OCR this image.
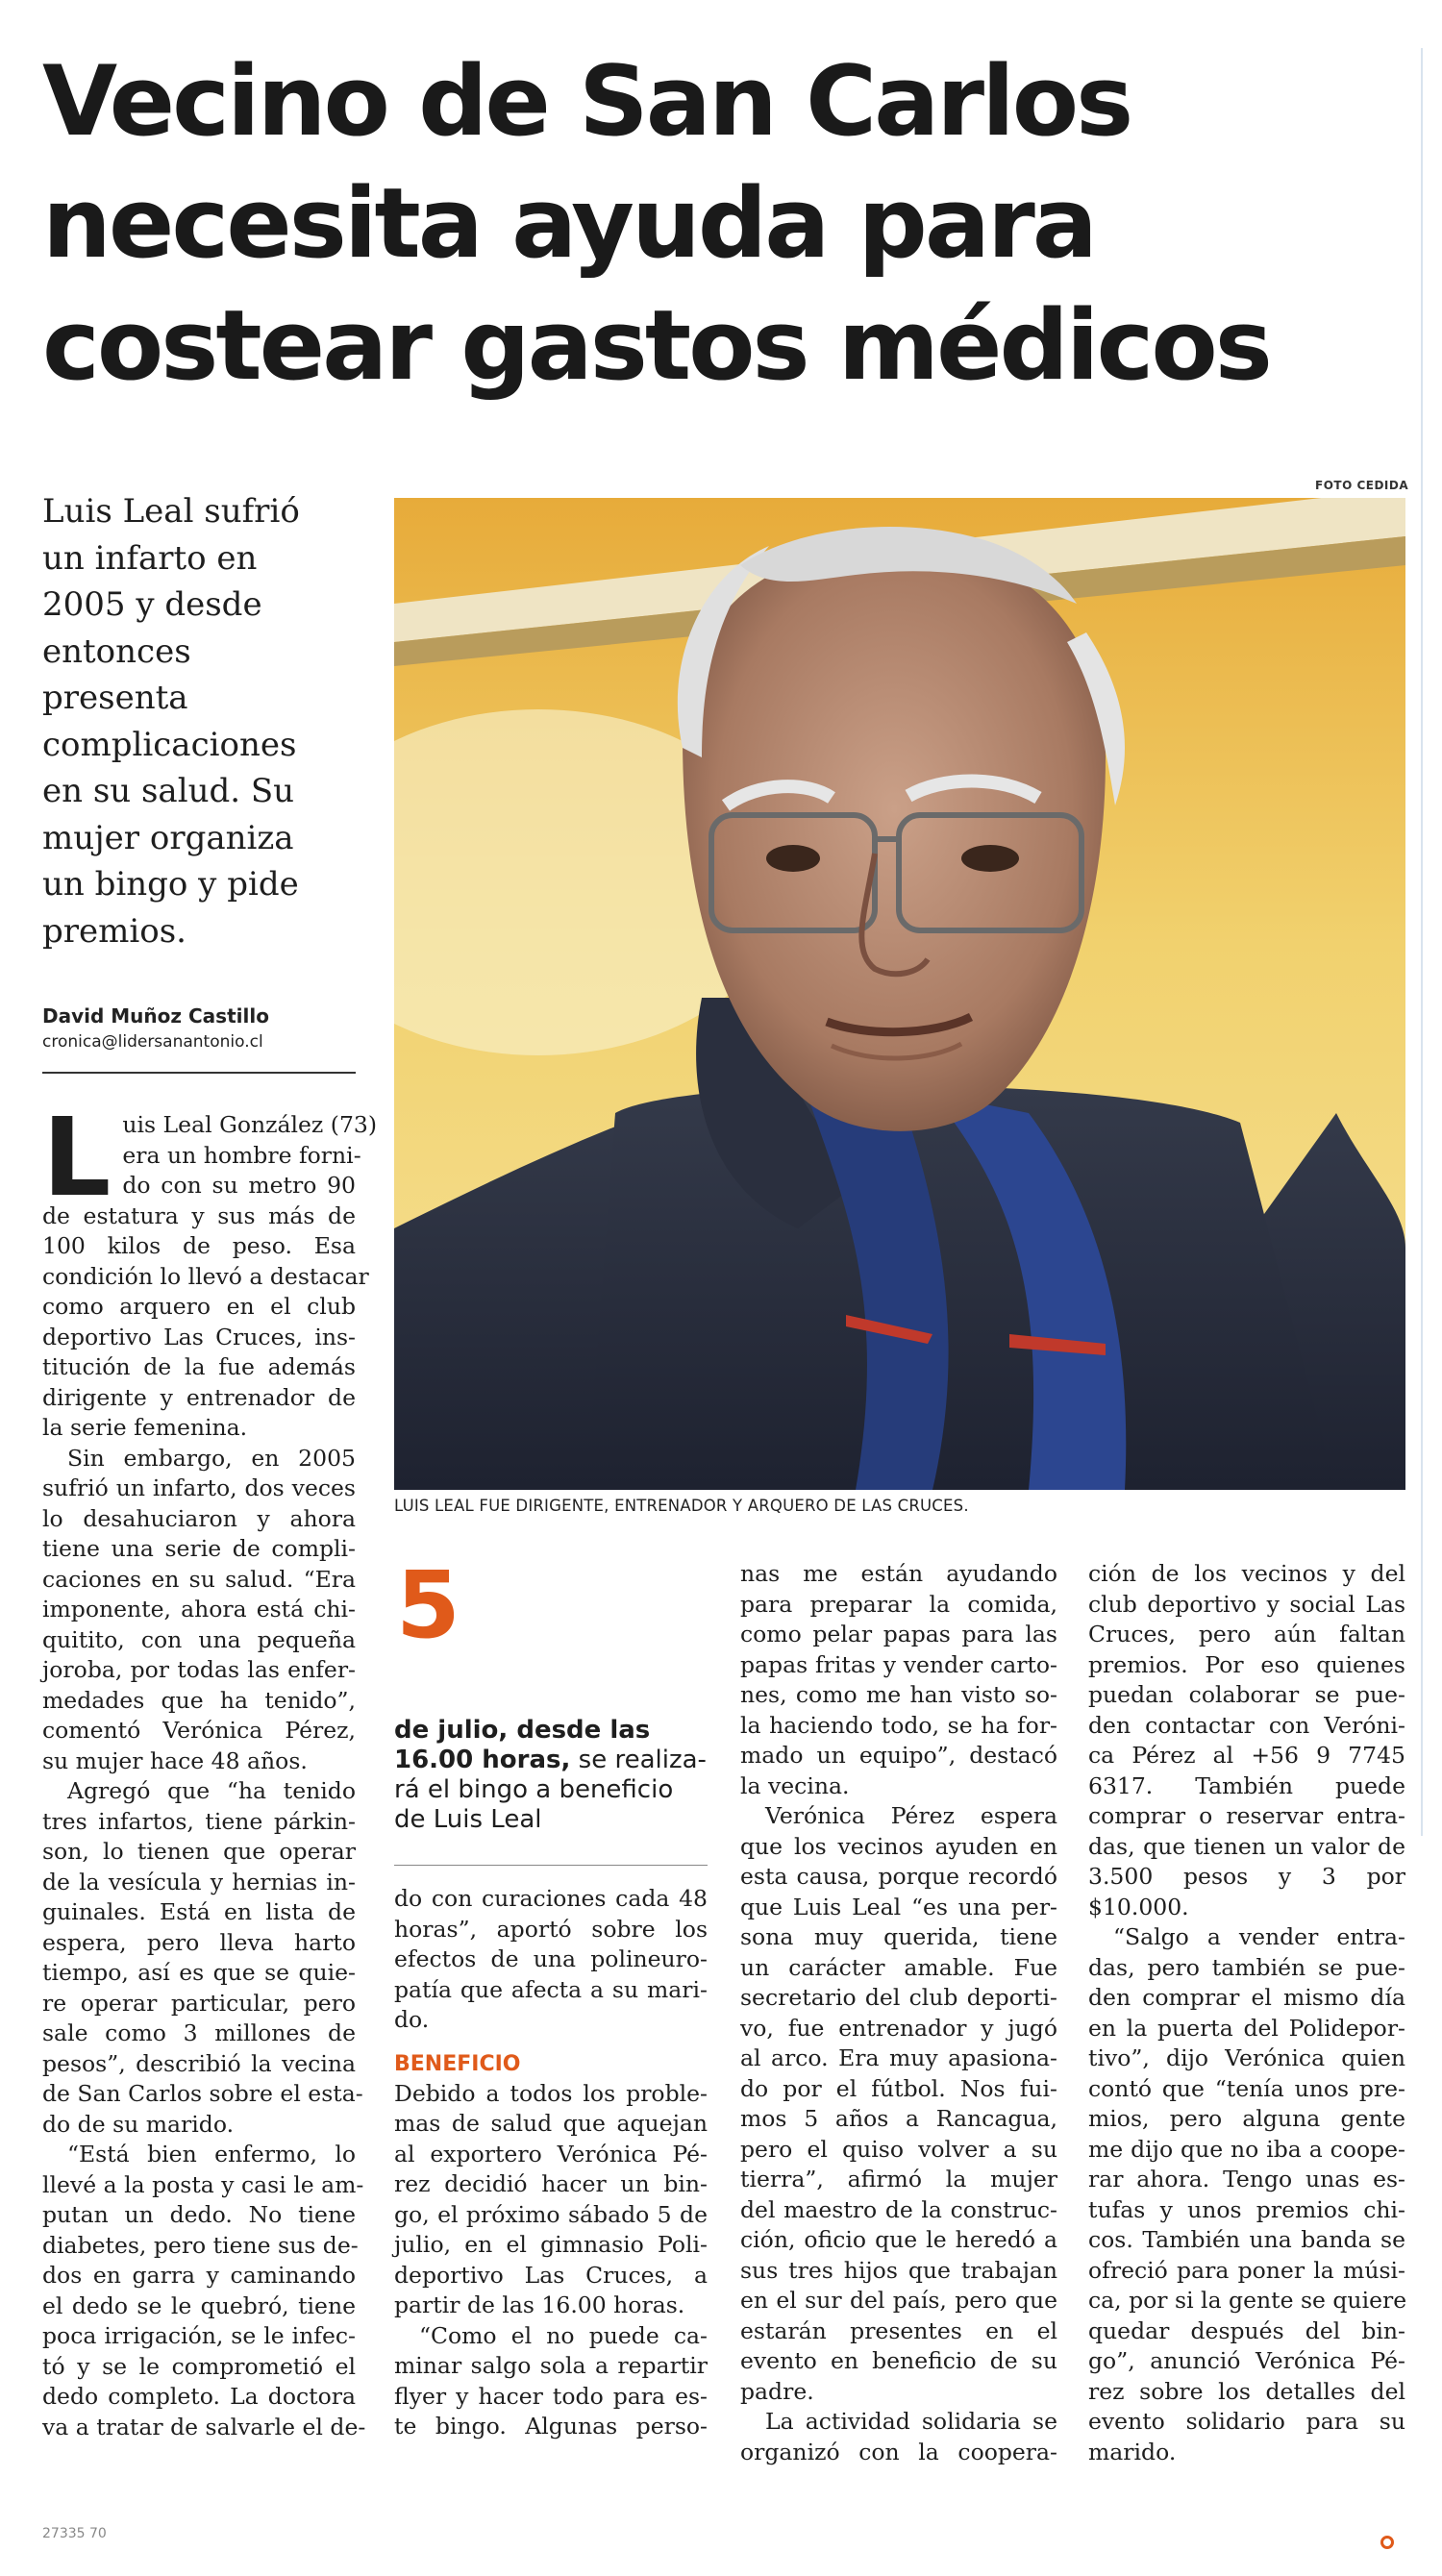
Vecino de San Carlos
necesita ayuda para
costear gastos médicos
Luis Leal sufrió
un infarto en
2005 y desde
entonces
presenta
complicaciones
en su salud. Su
mujer organiza
un bingo y pide
premios.
David Muñoz Castillo
cronica@lidersanantonio.cl
FOTO CEDIDA
LUIS LEAL FUE DIRIGENTE, ENTRENADOR Y ARQUERO DE LAS CRUCES.
L uis Leal González (73)
era un hombre forni-
do con su metro 90
de estatura y sus más de
100 kilos de peso. Esa
condición lo llevó a destacar
como arquero en el club
deportivo Las Cruces, ins-
titución de la fue además
dirigente y entrenador de
la serie femenina.
Sin embargo, en 2005
sufrió un infarto, dos veces
lo desahuciaron y ahora
tiene una serie de compli-
caciones en su salud. “Era
imponente, ahora está chi-
quitito, con una pequeña
joroba, por todas las enfer-
medades que ha tenido”,
comentó Verónica Pérez,
su mujer hace 48 años.
Agregó que “ha tenido
tres infartos, tiene párkin-
son, lo tienen que operar
de la vesícula y hernias in-
guinales. Está en lista de
espera, pero lleva harto
tiempo, así es que se quie-
re operar particular, pero
sale como 3 millones de
pesos”, describió la vecina
de San Carlos sobre el esta-
do de su marido.
“Está bien enfermo, lo
llevé a la posta y casi le am-
putan un dedo. No tiene
diabetes, pero tiene sus de-
dos en garra y caminando
el dedo se le quebró, tiene
poca irrigación, se le infec-
tó y se le comprometió el
dedo completo. La doctora
va a tratar de salvarle el de-

5
de julio, desde las
16.00 horas, se realiza-
rá el bingo a beneficio
de Luis Leal

do con curaciones cada 48
horas”, aportó sobre los
efectos de una polineuro-
patía que afecta a su mari-
do.

BENEFICIO

Debido a todos los proble-
mas de salud que aquejan
al exportero Verónica Pé-
rez decidió hacer un bin-
go, el próximo sábado 5 de
julio, en el gimnasio Poli-
deportivo Las Cruces, a
partir de las 16.00 horas.
“Como el no puede ca-
minar salgo sola a repartir
flyer y hacer todo para es-
te bingo. Algunas perso-

nas me están ayudando
para preparar la comida,
como pelar papas para las
papas fritas y vender carto-
nes, como me han visto so-
la haciendo todo, se ha for-
mado un equipo”, destacó
la vecina.
Verónica Pérez espera
que los vecinos ayuden en
esta causa, porque recordó
que Luis Leal “es una per-
sona muy querida, tiene
un carácter amable. Fue
secretario del club deporti-
vo, fue entrenador y jugó
al arco. Era muy apasiona-
do por el fútbol. Nos fui-
mos 5 años a Rancagua,
pero el quiso volver a su
tierra”, afirmó la mujer
del maestro de la construc-
ción, oficio que le heredó a
sus tres hijos que trabajan
en el sur del país, pero que
estarán presentes en el
evento en beneficio de su
padre.
La actividad solidaria se
organizó con la coopera-

ción de los vecinos y del
club deportivo y social Las
Cruces, pero aún faltan
premios. Por eso quienes
puedan colaborar se pue-
den contactar con Veróni-
ca Pérez al +56 9 7745
6317. También puede
comprar o reservar entra-
das, que tienen un valor de
3.500 pesos y 3 por
$10.000.
“Salgo a vender entra-
das, pero también se pue-
den comprar el mismo día
en la puerta del Polidepor-
tivo”, dijo Verónica quien
contó que “tenía unos pre-
mios, pero alguna gente
me dijo que no iba a coope-
rar ahora. Tengo unas es-
tufas y unos premios chi-
cos. También una banda se
ofreció para poner la músi-
ca, por si la gente se quiere
quedar después del bin-
go”, anunció Verónica Pé-
rez sobre los detalles del
evento solidario para su
marido.

27335 70
